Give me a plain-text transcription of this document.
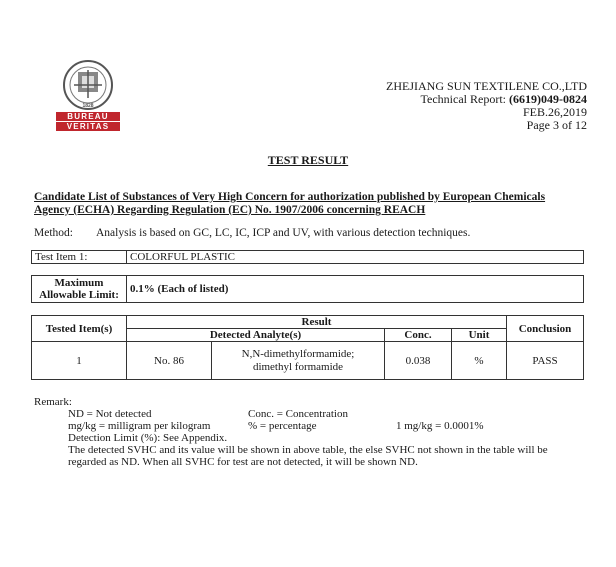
1828
BUREAU
VERITAS
ZHEJIANG SUN TEXTILENE CO.,LTD
Technical Report: (6619)049-0824
FEB.26,2019
Page 3 of 12
TEST RESULT
Candidate List of Substances of Very High Concern for authorization published by European Chemicals Agency (ECHA) Regarding Regulation (EC) No. 1907/2006 concerning REACH
Method: Analysis is based on GC, LC, IC, ICP and UV, with various detection techniques.
Test Item 1:	COLORFUL PLASTIC
Maximum
Allowable Limit:	0.1% (Each of listed)
Tested Item(s)	Result				Conclusion
	Detected Analyte(s)		Conc.	Unit	
1	No. 86	N,N-dimethylformamide;
dimethyl formamide	0.038	%	PASS
Remark:
ND = Not detected	Conc. = Concentration
mg/kg = milligram per kilogram	% = percentage	1 mg/kg = 0.0001%
Detection Limit (%): See Appendix.
The detected SVHC and its value will be shown in above table, the else SVHC not shown in the table will be
regarded as ND. When all SVHC for test are not detected, it will be shown ND.
